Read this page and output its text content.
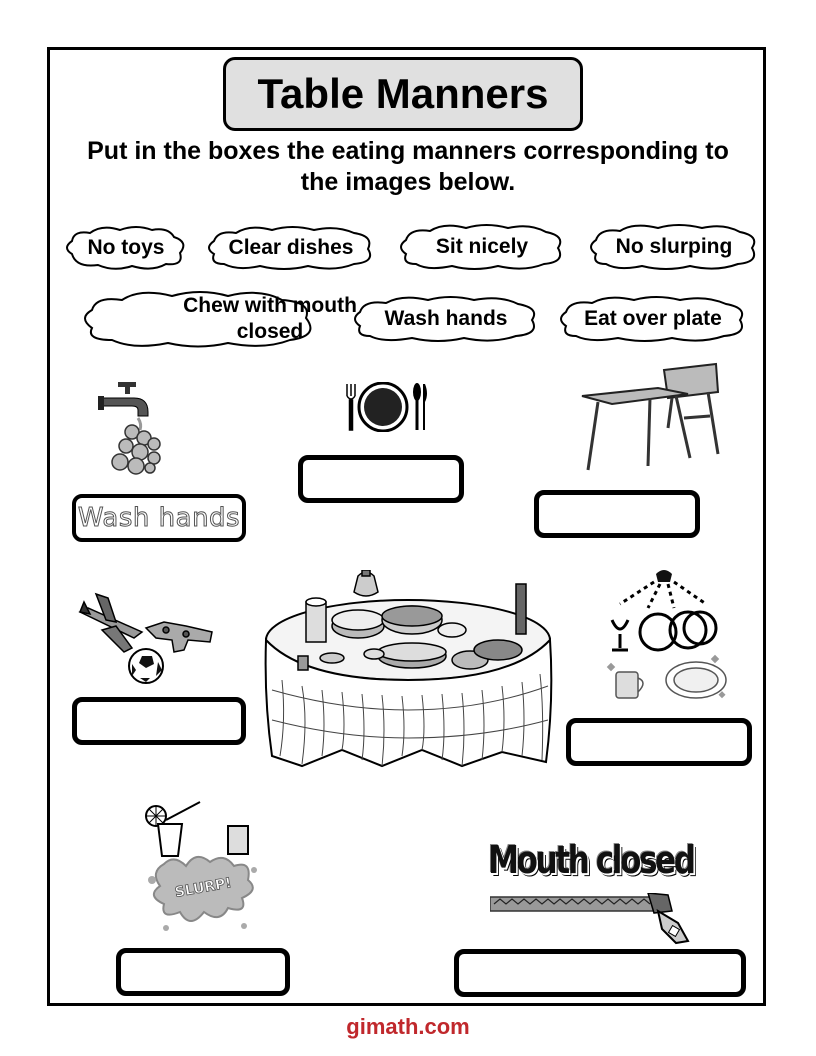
Table Manners
Put in the boxes the eating manners corresponding to the images below.
No toys	Clear dishes	Sit nicely	No slurping
Chew with mouth closed
Wash hands	Eat over plate
Wash hands
SLURP!
Mouth closed
gimath.com
